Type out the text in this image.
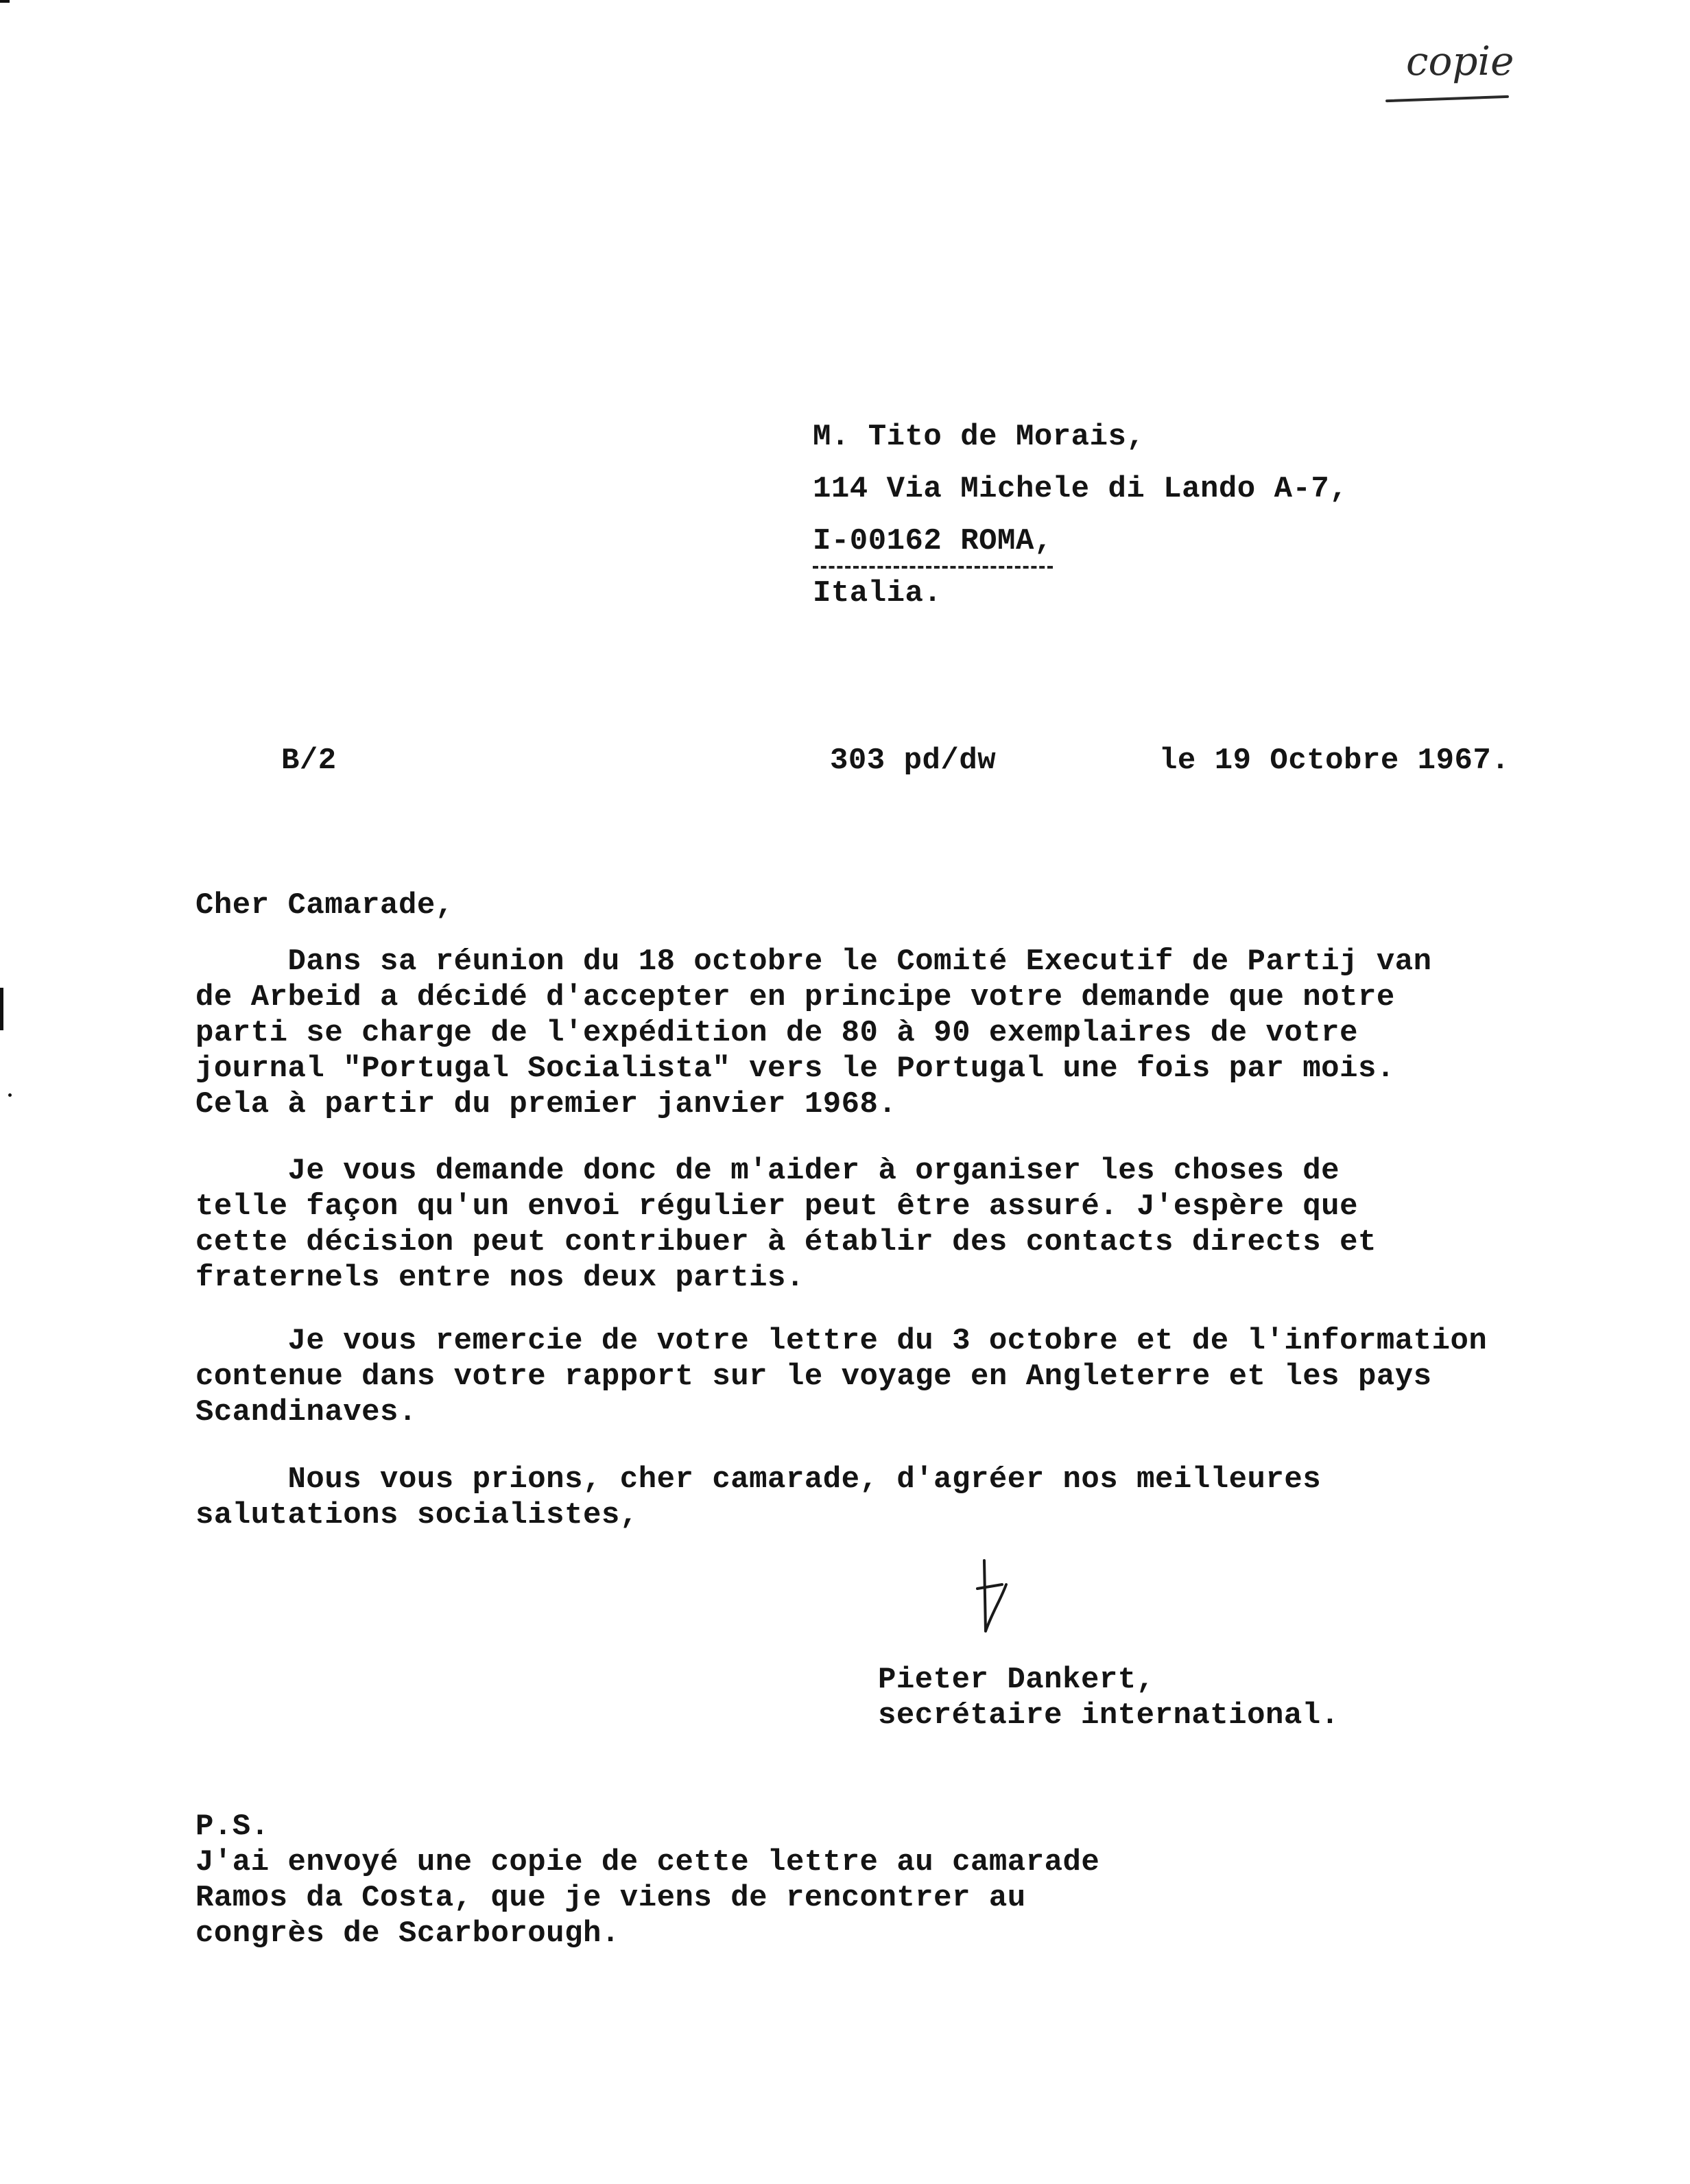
copie
M. Tito de Morais,
114 Via Michele di Lando A-7,
I-00162 ROMA,
Italia.
B/2	303 pd/dw	le 19 Octobre 1967.
Cher Camarade,
Dans sa réunion du 18 octobre le Comité Executif de Partij van
de Arbeid a décidé d'accepter en principe votre demande que notre
parti se charge de l'expédition de 80 à 90 exemplaires de votre
journal "Portugal Socialista" vers le Portugal une fois par mois.
Cela à partir du premier janvier 1968.
Je vous demande donc de m'aider à organiser les choses de
telle façon qu'un envoi régulier peut être assuré. J'espère que
cette décision peut contribuer à établir des contacts directs et
fraternels entre nos deux partis.
Je vous remercie de votre lettre du 3 octobre et de l'information
contenue dans votre rapport sur le voyage en Angleterre et les pays
Scandinaves.
Nous vous prions, cher camarade, d'agréer nos meilleures
salutations socialistes,
Pieter Dankert,
secrétaire international.
P.S.
J'ai envoyé une copie de cette lettre au camarade
Ramos da Costa, que je viens de rencontrer au
congrès de Scarborough.
